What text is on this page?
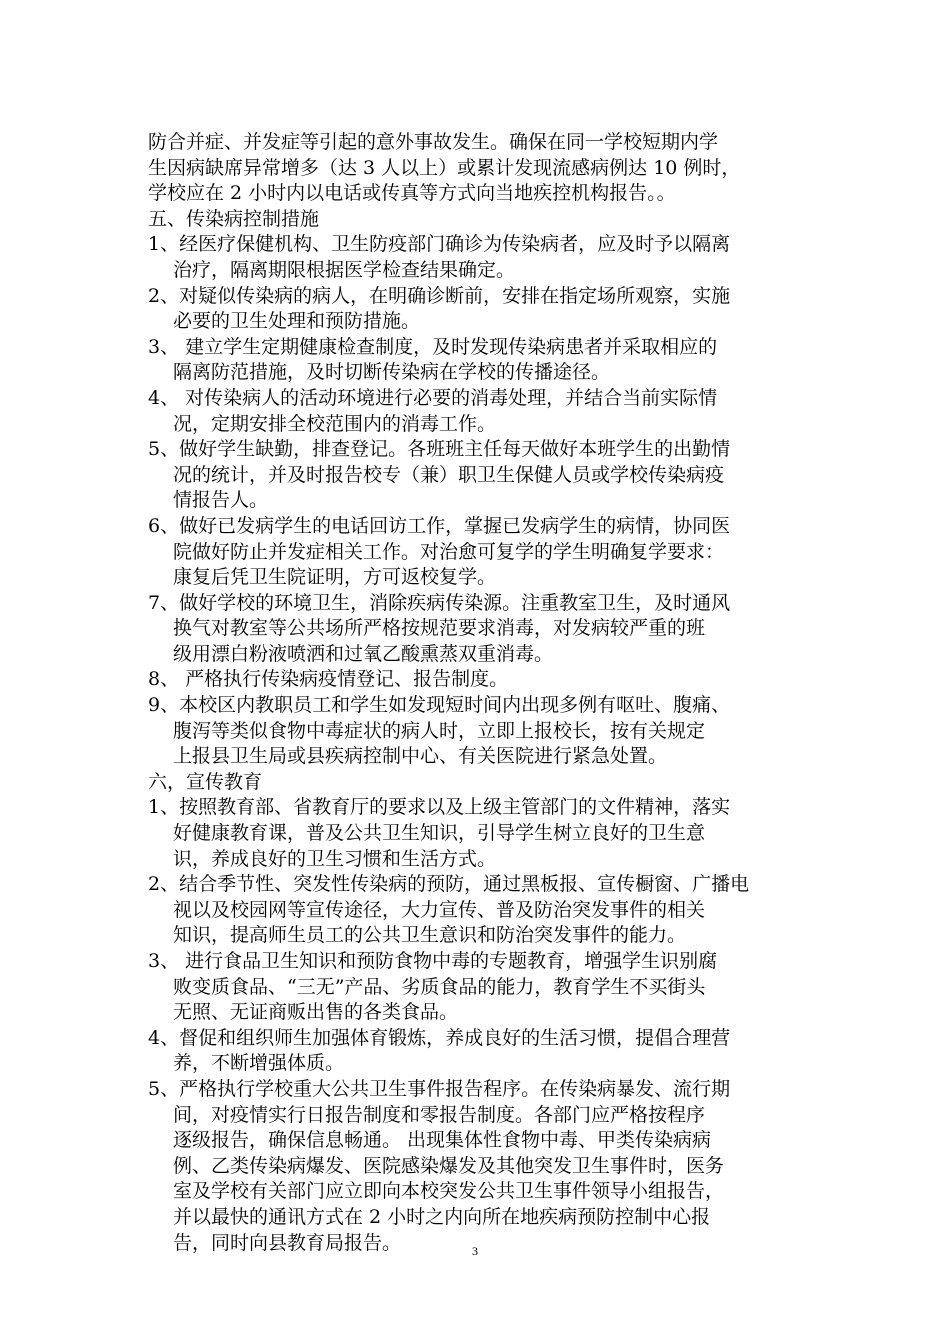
防合并症、并发症等引起的意外事故发生。确保在同一学校短期内学
生因病缺席异常增多（达 3 人以上）或累计发现流感病例达 10 例时，
学校应在 2 小时内以电话或传真等方式向当地疾控机构报告。。
五、传染病控制措施
1、经医疗保健机构、卫生防疫部门确诊为传染病者，应及时予以隔离
治疗，隔离期限根据医学检查结果确定。
2、对疑似传染病的病人，在明确诊断前，安排在指定场所观察，实施
必要的卫生处理和预防措施。
3、 建立学生定期健康检查制度，及时发现传染病患者并采取相应的
隔离防范措施，及时切断传染病在学校的传播途径。
4、 对传染病人的活动环境进行必要的消毒处理，并结合当前实际情
况，定期安排全校范围内的消毒工作。
5、做好学生缺勤，排查登记。各班班主任每天做好本班学生的出勤情
况的统计，并及时报告校专（兼）职卫生保健人员或学校传染病疫
情报告人。
6、做好已发病学生的电话回访工作，掌握已发病学生的病情，协同医
院做好防止并发症相关工作。对治愈可复学的学生明确复学要求：
康复后凭卫生院证明，方可返校复学。
7、做好学校的环境卫生，消除疾病传染源。注重教室卫生，及时通风
换气对教室等公共场所严格按规范要求消毒，对发病较严重的班
级用漂白粉液喷洒和过氧乙酸熏蒸双重消毒。
8、 严格执行传染病疫情登记、报告制度。
9、本校区内教职员工和学生如发现短时间内出现多例有呕吐、腹痛、
腹泻等类似食物中毒症状的病人时，立即上报校长，按有关规定
上报县卫生局或县疾病控制中心、有关医院进行紧急处置。
六，宣传教育
1、按照教育部、省教育厅的要求以及上级主管部门的文件精神，落实
好健康教育课，普及公共卫生知识，引导学生树立良好的卫生意
识，养成良好的卫生习惯和生活方式。
2、结合季节性、突发性传染病的预防，通过黑板报、宣传橱窗、广播电
视以及校园网等宣传途径，大力宣传、普及防治突发事件的相关
知识，提高师生员工的公共卫生意识和防治突发事件的能力。
3、 进行食品卫生知识和预防食物中毒的专题教育，增强学生识别腐
败变质食品、“三无”产品、劣质食品的能力，教育学生不买街头
无照、无证商贩出售的各类食品。
4、督促和组织师生加强体育锻炼，养成良好的生活习惯，提倡合理营
养，不断增强体质。
5、严格执行学校重大公共卫生事件报告程序。在传染病暴发、流行期
间，对疫情实行日报告制度和零报告制度。各部门应严格按程序
逐级报告，确保信息畅通。 出现集体性食物中毒、甲类传染病病
例、乙类传染病爆发、医院感染爆发及其他突发卫生事件时，医务
室及学校有关部门应立即向本校突发公共卫生事件领导小组报告，
并以最快的通讯方式在 2 小时之内向所在地疾病预防控制中心报
告，同时向县教育局报告。	3
